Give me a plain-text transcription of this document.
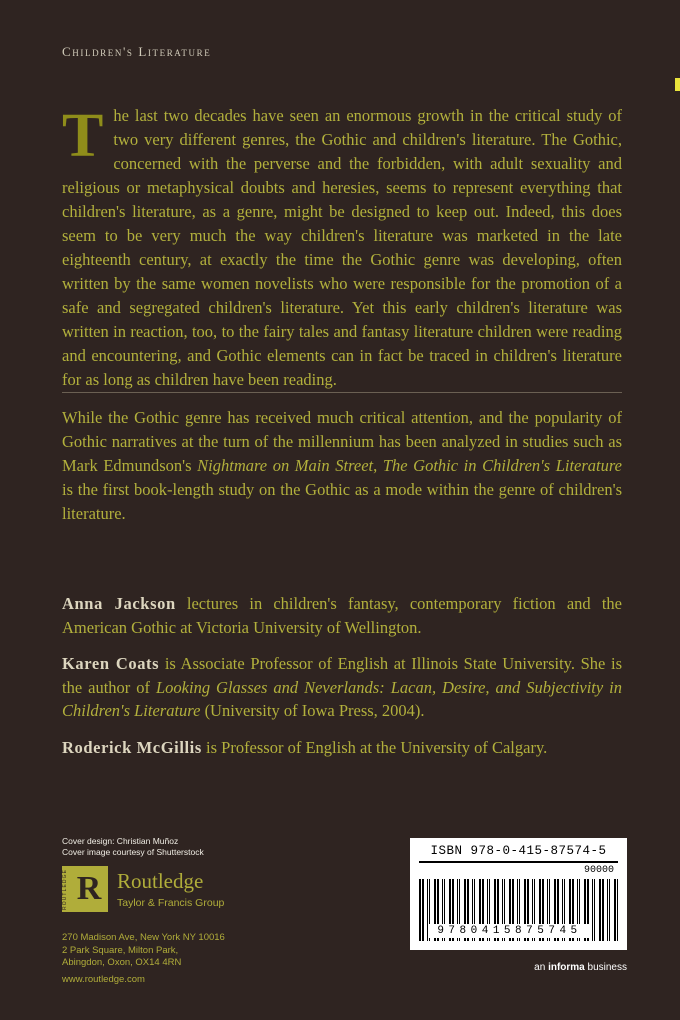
Children's Literature

The last two decades have seen an enormous growth in the critical study of two very different genres, the Gothic and children's literature. The Gothic, concerned with the perverse and the forbidden, with adult sexuality and religious or metaphysical doubts and heresies, seems to represent everything that children's literature, as a genre, might be designed to keep out. Indeed, this does seem to be very much the way children's literature was marketed in the late eighteenth century, at exactly the time the Gothic genre was developing, often written by the same women novelists who were responsible for the promotion of a safe and segregated children's literature. Yet this early children's literature was written in reaction, too, to the fairy tales and fantasy literature children were reading and encountering, and Gothic elements can in fact be traced in children's literature for as long as children have been reading.

While the Gothic genre has received much critical attention, and the popularity of Gothic narratives at the turn of the millennium has been analyzed in studies such as Mark Edmundson's Nightmare on Main Street, The Gothic in Children's Literature is the first book-length study on the Gothic as a mode within the genre of children's literature.

Anna Jackson lectures in children's fantasy, contemporary fiction and the American Gothic at Victoria University of Wellington.

Karen Coats is Associate Professor of English at Illinois State University. She is the author of Looking Glasses and Neverlands: Lacan, Desire, and Subjectivity in Children's Literature (University of Iowa Press, 2004).

Roderick McGillis is Professor of English at the University of Calgary.

Cover design: Christian Muñoz
Cover image courtesy of Shutterstock
ROUTLEDGE R Routledge
Taylor & Francis Group
270 Madison Ave, New York NY 10016
2 Park Square, Milton Park,
Abingdon, Oxon, OX14 4RN
www.routledge.com
ISBN 978-0-415-87574-5
90000
9780415875745
an informa business
